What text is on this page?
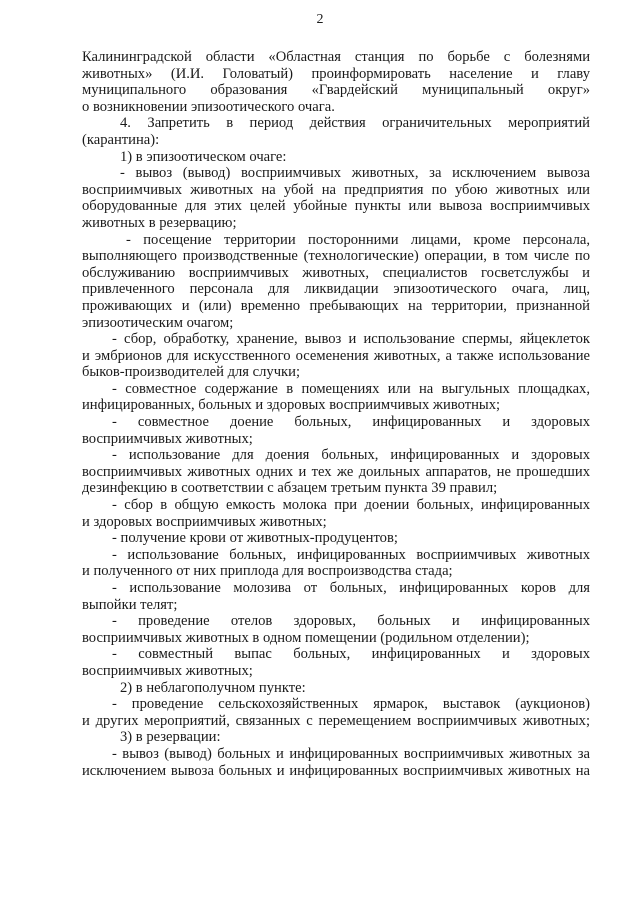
2
Калининградской области «Областная станция по борьбе с болезнями
животных» (И.И. Головатый) проинформировать население и главу
муниципального образования «Гвардейский муниципальный округ»
о возникновении эпизоотического очага.
4. Запретить в период действия ограничительных мероприятий
(карантина):
1) в эпизоотическом очаге:
- вывоз (вывод) восприимчивых животных, за исключением вывоза
восприимчивых животных на убой на предприятия по убою животных или
оборудованные для этих целей убойные пункты или вывоза восприимчивых
животных в резервацию;
- посещение территории посторонними лицами, кроме персонала,
выполняющего производственные (технологические) операции, в том числе по
обслуживанию восприимчивых животных, специалистов госветслужбы и
привлеченного персонала для ликвидации эпизоотического очага, лиц,
проживающих и (или) временно пребывающих на территории, признанной
эпизоотическим очагом;
- сбор, обработку, хранение, вывоз и использование спермы, яйцеклеток
и эмбрионов для искусственного осеменения животных, а также использование
быков-производителей для случки;
- совместное содержание в помещениях или на выгульных площадках,
инфицированных, больных и здоровых восприимчивых животных;
- совместное доение больных, инфицированных и здоровых
восприимчивых животных;
- использование для доения больных, инфицированных и здоровых
восприимчивых животных одних и тех же доильных аппаратов, не прошедших
дезинфекцию в соответствии с абзацем третьим пункта 39 правил;
- сбор в общую емкость молока при доении больных, инфицированных
и здоровых восприимчивых животных;
- получение крови от животных-продуцентов;
- использование больных, инфицированных восприимчивых животных
и полученного от них приплода для воспроизводства стада;
- использование молозива от больных, инфицированных коров для
выпойки телят;
- проведение отелов здоровых, больных и инфицированных
восприимчивых животных в одном помещении (родильном отделении);
- совместный выпас больных, инфицированных и здоровых
восприимчивых животных;
2) в неблагополучном пункте:
- проведение сельскохозяйственных ярмарок, выставок (аукционов)
и других мероприятий, связанных с перемещением восприимчивых животных;
3) в резервации:
- вывоз (вывод) больных и инфицированных восприимчивых животных за
исключением вывоза больных и инфицированных восприимчивых животных на
